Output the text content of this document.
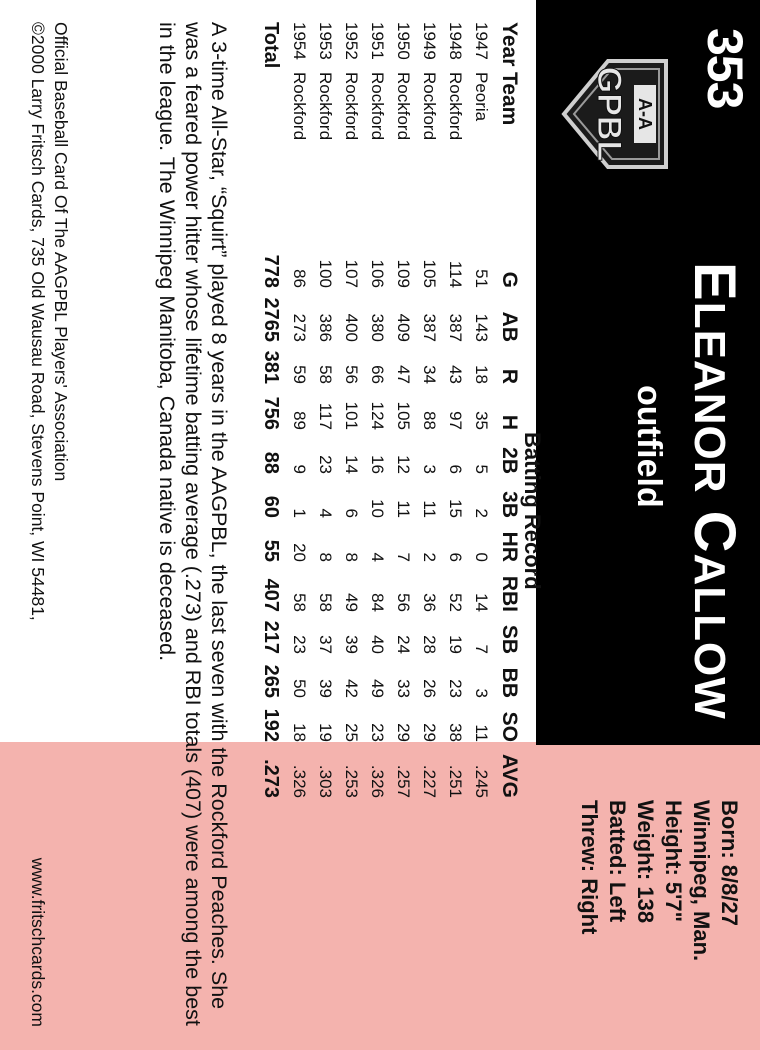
353
A-A
GPBL
ELEANOR CALLOW
outfield
Born: 8/8/27
Winnipeg, Man.
Height: 5'7"
Weight: 138
Batted: Left
Threw: Right
Batting Record
Year	Team	G	AB	R	H	2B	3B	HR	RBI	SB	BB	SO	AVG
1947	Peoria	51	143	18	35	5	2	0	14	7	3	11	.245
1948	Rockford	114	387	43	97	6	15	6	52	19	23	38	.251
1949	Rockford	105	387	34	88	3	11	2	36	28	26	29	.227
1950	Rockford	109	409	47	105	12	11	7	56	24	33	29	.257
1951	Rockford	106	380	66	124	16	10	4	84	40	49	23	.326
1952	Rockford	107	400	56	101	14	6	8	49	39	42	25	.253
1953	Rockford	100	386	58	117	23	4	8	58	37	39	19	.303
1954	Rockford	86	273	59	89	9	1	20	58	23	50	18	.326
Total		778	2765	381	756	88	60	55	407	217	265	192	.273
A 3-time All-Star, “Squirt” played 8 years in the AAGPBL, the last seven with the Rockford Peaches. She was a feared power hitter whose lifetime batting average (.273) and RBI totals (407) were among the best in the league. The Winnipeg Manitoba, Canada native is deceased.
Official Baseball Card Of The AAGPBL Players' Association
©2000 Larry Fritsch Cards, 735 Old Wausau Road, Stevens Point, WI 54481,
www.fritschcards.com
